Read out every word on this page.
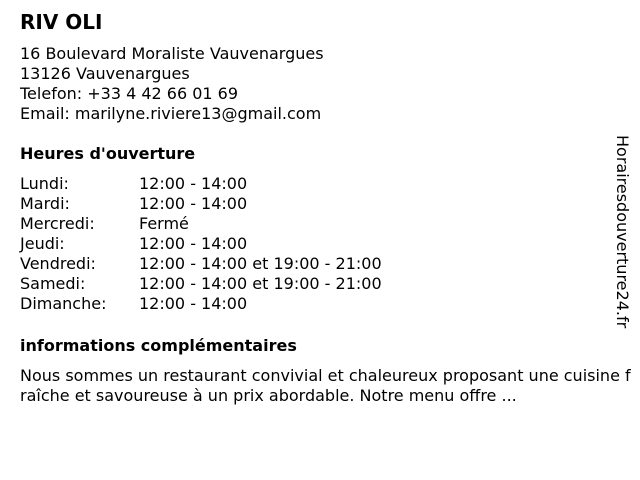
RIV OLI
16 Boulevard Moraliste Vauvenargues
13126 Vauvenargues
Telefon: +33 4 42 66 01 69
Email: marilyne.riviere13@gmail.com
Heures d'ouverture
Lundi:	12:00 - 14:00
Mardi:	12:00 - 14:00
Mercredi:	Fermé
Jeudi:	12:00 - 14:00
Vendredi:	12:00 - 14:00 et 19:00 - 21:00
Samedi:	12:00 - 14:00 et 19:00 - 21:00
Dimanche:	12:00 - 14:00
informations complémentaires
Nous sommes un restaurant convivial et chaleureux proposant une cuisine fraîche et savoureuse à un prix abordable. Notre menu offre ...
Horairesdouverture24.fr
